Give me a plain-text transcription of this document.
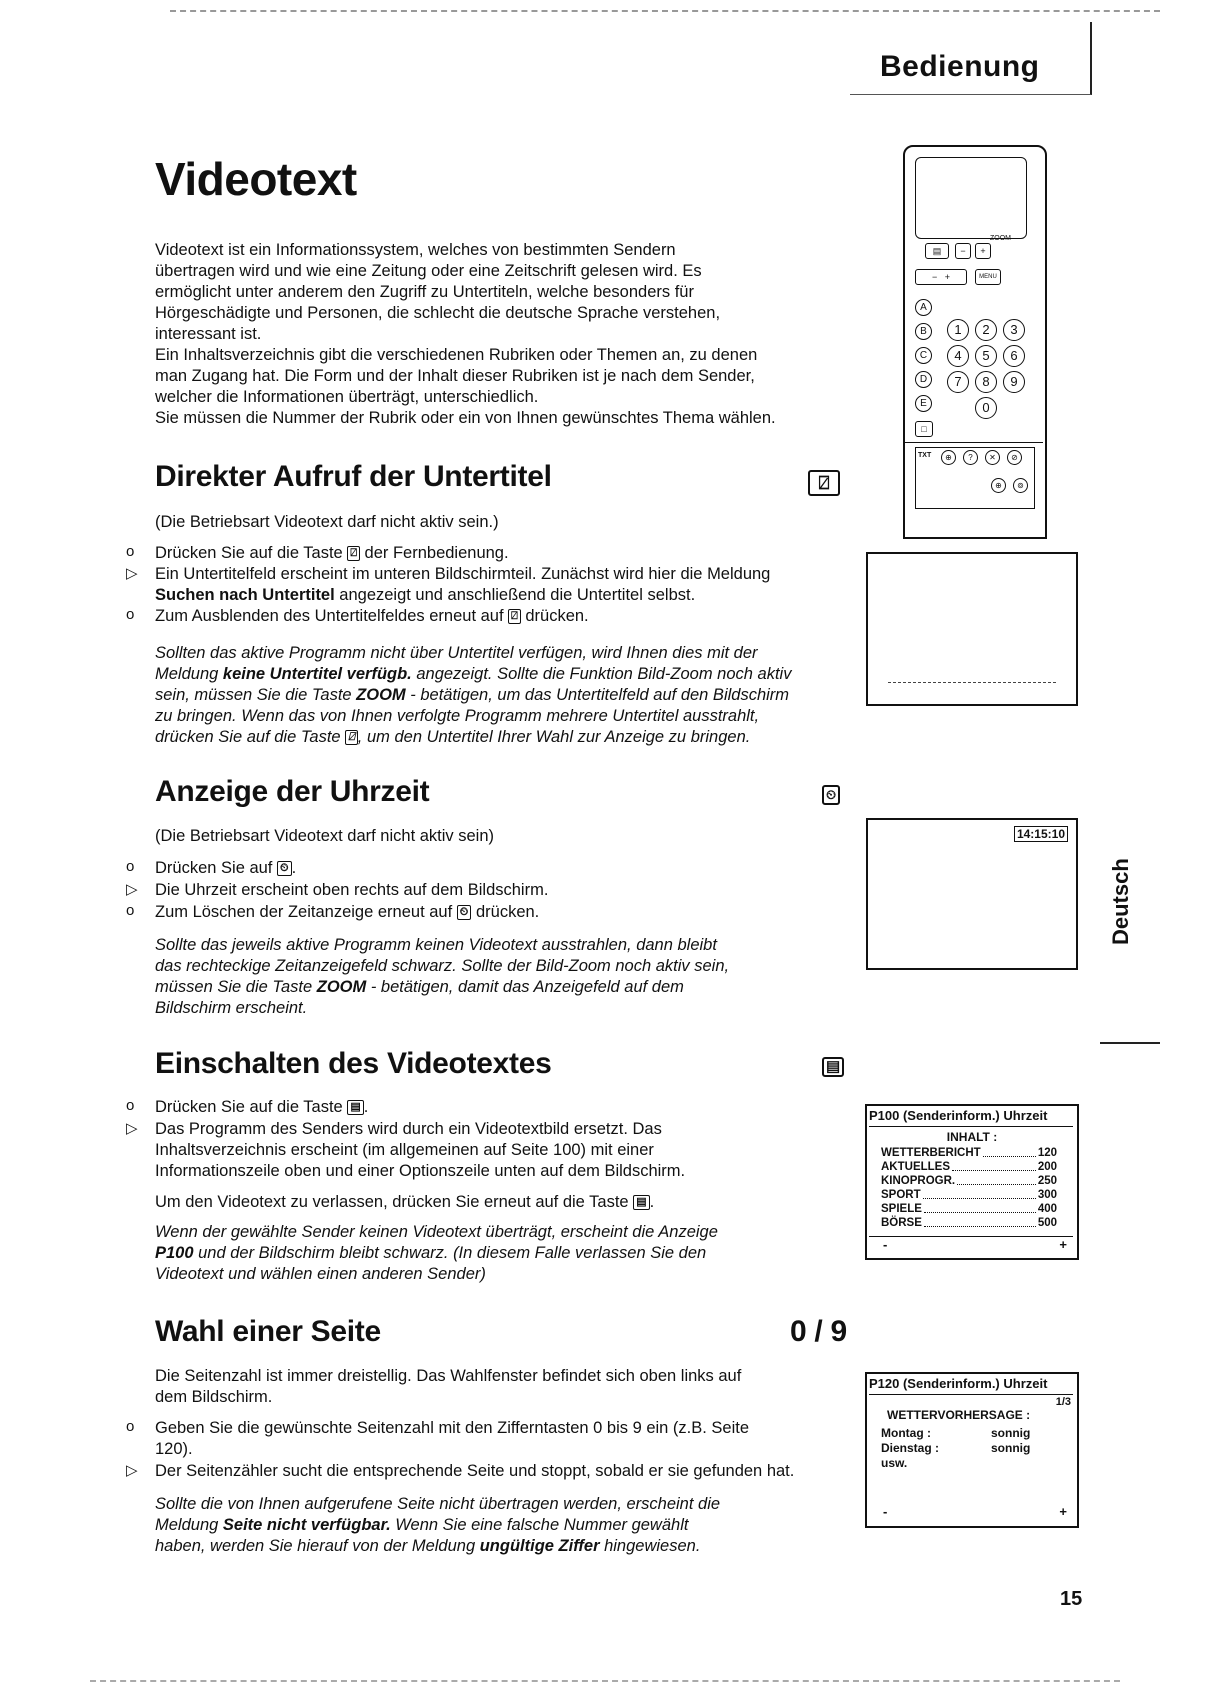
Bedienung
Videotext
Videotext ist ein Informationssystem, welches von bestimmten Sendern
übertragen wird und wie eine Zeitung oder eine Zeitschrift gelesen wird. Es
ermöglicht unter anderem den Zugriff zu Untertiteln, welche besonders für
Hörgeschädigte und Personen, die schlecht die deutsche Sprache verstehen,
interessant ist.
Ein Inhaltsverzeichnis gibt die verschiedenen Rubriken oder Themen an, zu denen
man Zugang hat. Die Form und der Inhalt dieser Rubriken ist je nach dem Sender,
welcher die Informationen überträgt, unterschiedlich.
Sie müssen die Nummer der Rubrik oder ein von Ihnen gewünschtes Thema wählen.
ZOOM
▤	−	+
−   +	MENU
A
B
C
D
E
□
1	2	3
4	5	6
7	8	9
0
TXT	⊕	?	✕	⊘
⊕	⊚
Direkter Aufruf der Untertitel	⍁
(Die Betriebsart Videotext darf nicht aktiv sein.)
o Drücken Sie auf die Taste ⍁ der Fernbedienung.
▷ Ein Untertitelfeld erscheint im unteren Bildschirmteil. Zunächst wird hier die Meldung
Suchen nach Untertitel angezeigt und anschließend die Untertitel selbst.
o Zum Ausblenden des Untertitelfeldes erneut auf ⍁ drücken.
Sollten das aktive Programm nicht über Untertitel verfügen, wird Ihnen dies mit der
Meldung keine Untertitel verfügb. angezeigt. Sollte die Funktion Bild-Zoom noch aktiv
sein, müssen Sie die Taste ZOOM - betätigen, um das Untertitelfeld auf den Bildschirm
zu bringen. Wenn das von Ihnen verfolgte Programm mehrere Untertitel ausstrahlt,
drücken Sie auf die Taste ⍁ , um den Untertitel Ihrer Wahl zur Anzeige zu bringen.
Anzeige der Uhrzeit	⏲
(Die Betriebsart Videotext darf nicht aktiv sein)
o Drücken Sie auf ⏲ .
▷ Die Uhrzeit erscheint oben rechts auf dem Bildschirm.
o Zum Löschen der Zeitanzeige erneut auf ⏲ drücken.
Sollte das jeweils aktive Programm keinen Videotext ausstrahlen, dann bleibt
das rechteckige Zeitanzeigefeld schwarz. Sollte der Bild-Zoom noch aktiv sein,
müssen Sie die Taste ZOOM - betätigen, damit das Anzeigefeld auf dem
Bildschirm erscheint.
14:15:10
Deutsch
Einschalten des Videotextes	▤
o Drücken Sie auf die Taste ▤ .
▷ Das Programm des Senders wird durch ein Videotextbild ersetzt. Das
Inhaltsverzeichnis erscheint (im allgemeinen auf Seite 100) mit einer
Informationszeile oben und einer Optionszeile unten auf dem Bildschirm.
Um den Videotext zu verlassen, drücken Sie erneut auf die Taste ▤ .
Wenn der gewählte Sender keinen Videotext überträgt, erscheint die Anzeige
P100 und der Bildschirm bleibt schwarz. (In diesem Falle verlassen Sie den
Videotext und wählen einen anderen Sender)
P100 (Senderinform.) Uhrzeit
INHALT :
WETTERBERICHT	120
AKTUELLES	200
KINOPROGR.	250
SPORT	300
SPIELE	400
BÖRSE	500
-	+
Wahl einer Seite	0 / 9
Die Seitenzahl ist immer dreistellig. Das Wahlfenster befindet sich oben links auf
dem Bildschirm.
o Geben Sie die gewünschte Seitenzahl mit den Zifferntasten 0 bis 9 ein (z.B. Seite
120).
▷ Der Seitenzähler sucht die entsprechende Seite und stoppt, sobald er sie gefunden hat.
Sollte die von Ihnen aufgerufene Seite nicht übertragen werden, erscheint die
Meldung Seite nicht verfügbar. Wenn Sie eine falsche Nummer gewählt
haben, werden Sie hierauf von der Meldung ungültige Ziffer hingewiesen.
P120 (Senderinform.) Uhrzeit
1/3
WETTERVORHERSAGE :
Montag :	sonnig
Dienstag :	sonnig
usw.
-	+
15
